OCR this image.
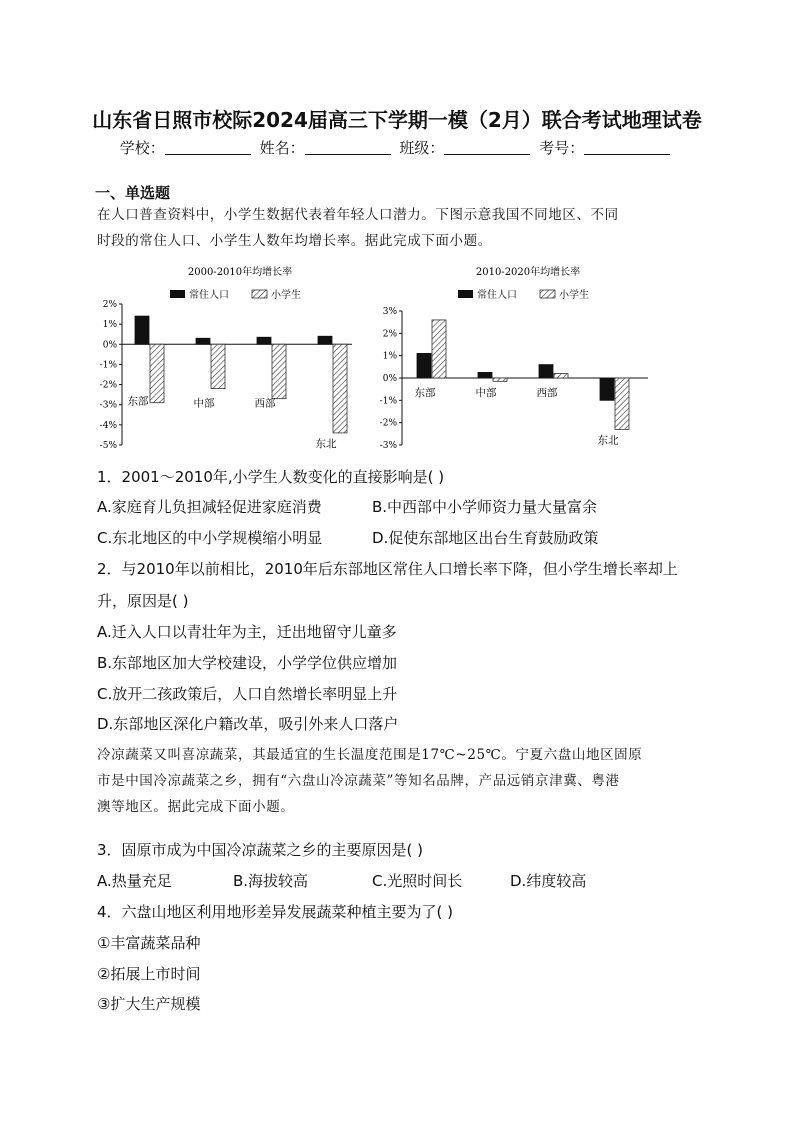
山东省日照市校际2024届高三下学期一模（2月）联合考试地理试卷
学校：	姓名：	班级：	考号：
一、单选题
在人口普查资料中，小学生数据代表着年轻人口潜力。下图示意我国不同地区、不同
时段的常住人口、小学生人数年均增长率。据此完成下面小题。
2000-2010年均增长率
2%
1%
0%
-1%
-2%
-3%
-4%
-5%
常住人口	小学生
东部	中部	西部
东北
2010-2020年均增长率
3%
2%
1%
0%
-1%
-2%
-3%
常住人口	小学生
东部	中部	西部
东北
1．2001～2010年,小学生人数变化的直接影响是( )
A.家庭育儿负担减轻促进家庭消费	B.中西部中小学师资力量大量富余
C.东北地区的中小学规模缩小明显	D.促使东部地区出台生育鼓励政策
2．与2010年以前相比，2010年后东部地区常住人口增长率下降，但小学生增长率却上
升，原因是( )
A.迁入人口以青壮年为主，迁出地留守儿童多
B.东部地区加大学校建设，小学学位供应增加
C.放开二孩政策后，人口自然增长率明显上升
D.东部地区深化户籍改革，吸引外来人口落户
冷凉蔬菜又叫喜凉蔬菜，其最适宜的生长温度范围是17℃~25℃。宁夏六盘山地区固原
市是中国冷凉蔬菜之乡，拥有“六盘山冷凉蔬菜”等知名品牌，产品远销京津冀、粤港
澳等地区。据此完成下面小题。
3．固原市成为中国冷凉蔬菜之乡的主要原因是( )
A.热量充足	B.海拔较高	C.光照时间长	D.纬度较高
4．六盘山地区利用地形差异发展蔬菜种植主要为了( )
①丰富蔬菜品种
②拓展上市时间
③扩大生产规模
